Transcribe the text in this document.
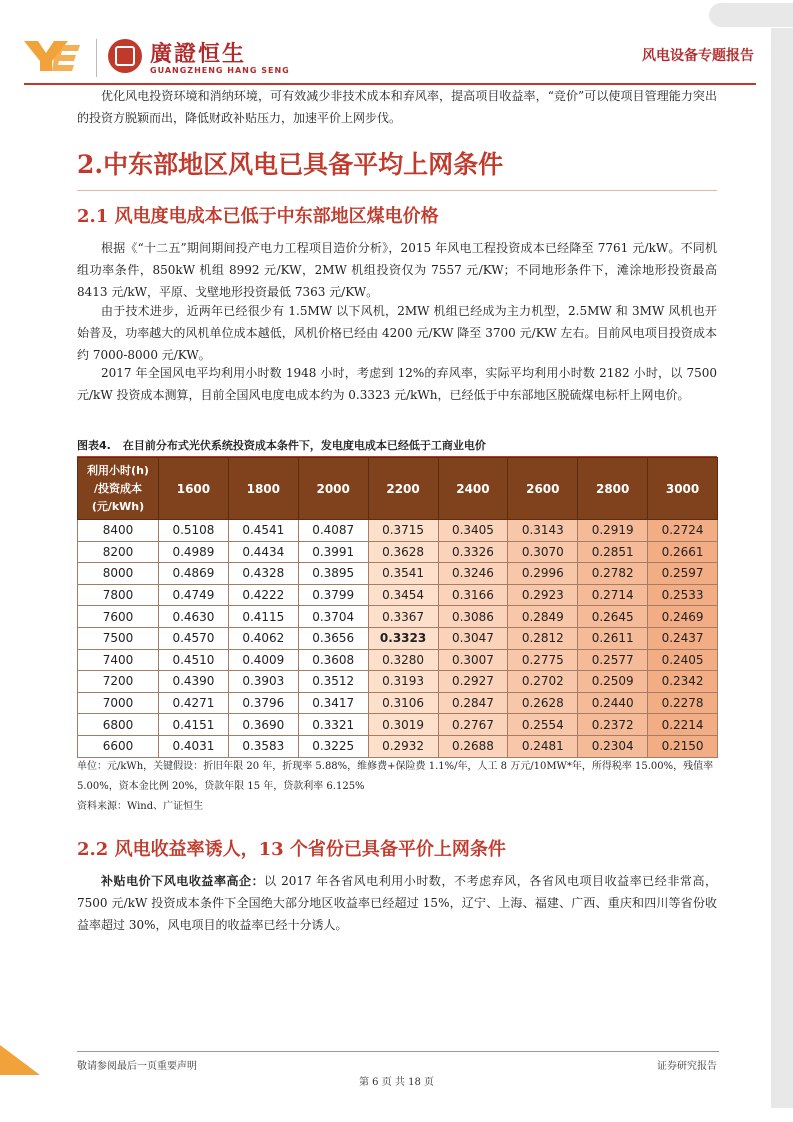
廣證恒生
GUANGZHENG HANG SENG
风电设备专题报告

优化风电投资环境和消纳环境，可有效减少非技术成本和弃风率，提高项目收益率，“竞价”可以使项目管理能力突出的投资方脱颖而出，降低财政补贴压力，加速平价上网步伐。

2.中东部地区风电已具备平均上网条件
2.1 风电度电成本已低于中东部地区煤电价格

根据《“十二五”期间期间投产电力工程项目造价分析》，2015 年风电工程投资成本已经降至 7761 元/kW。不同机组功率条件，850kW 机组 8992 元/KW，2MW 机组投资仅为 7557 元/KW；不同地形条件下，滩涂地形投资最高 8413 元/kW，平原、戈壁地形投资最低 7363 元/KW。

由于技术进步，近两年已经很少有 1.5MW 以下风机，2MW 机组已经成为主力机型，2.5MW 和 3MW 风机也开始普及，功率越大的风机单位成本越低，风机价格已经由 4200 元/KW 降至 3700 元/KW 左右。目前风电项目投资成本约 7000-8000 元/KW。

2017 年全国风电平均利用小时数 1948 小时，考虑到 12%的弃风率，实际平均利用小时数 2182 小时，以 7500 元/kW 投资成本测算，目前全国风电度电成本约为 0.3323 元/kWh，已经低于中东部地区脱硫煤电标杆上网电价。

图表4. 在目前分布式光伏系统投资成本条件下，发电度电成本已经低于工商业电价
利用小时(h)
/投资成本
(元/kWh)	1600	1800	2000	2200	2400	2600	2800	3000
8400	0.5108	0.4541	0.4087	0.3715	0.3405	0.3143	0.2919	0.2724
8200	0.4989	0.4434	0.3991	0.3628	0.3326	0.3070	0.2851	0.2661
8000	0.4869	0.4328	0.3895	0.3541	0.3246	0.2996	0.2782	0.2597
7800	0.4749	0.4222	0.3799	0.3454	0.3166	0.2923	0.2714	0.2533
7600	0.4630	0.4115	0.3704	0.3367	0.3086	0.2849	0.2645	0.2469
7500	0.4570	0.4062	0.3656	0.3323	0.3047	0.2812	0.2611	0.2437
7400	0.4510	0.4009	0.3608	0.3280	0.3007	0.2775	0.2577	0.2405
7200	0.4390	0.3903	0.3512	0.3193	0.2927	0.2702	0.2509	0.2342
7000	0.4271	0.3796	0.3417	0.3106	0.2847	0.2628	0.2440	0.2278
6800	0.4151	0.3690	0.3321	0.3019	0.2767	0.2554	0.2372	0.2214
6600	0.4031	0.3583	0.3225	0.2932	0.2688	0.2481	0.2304	0.2150
单位：元/kWh，关键假设：折旧年限 20 年，折现率 5.88%，维修费+保险费 1.1%/年，人工 8 万元/10MW*年，所得税率 15.00%，残值率 5.00%，资本金比例 20%，贷款年限 15 年，贷款利率 6.125%
资料来源：Wind、广证恒生
2.2 风电收益率诱人，13 个省份已具备平价上网条件

补贴电价下风电收益率高企：以 2017 年各省风电利用小时数，不考虑弃风，各省风电项目收益率已经非常高，7500 元/kW 投资成本条件下全国绝大部分地区收益率已经超过 15%，辽宁、上海、福建、广西、重庆和四川等省份收益率超过 30%，风电项目的收益率已经十分诱人。

敬请参阅最后一页重要声明	证券研究报告
第 6 页 共 18 页
